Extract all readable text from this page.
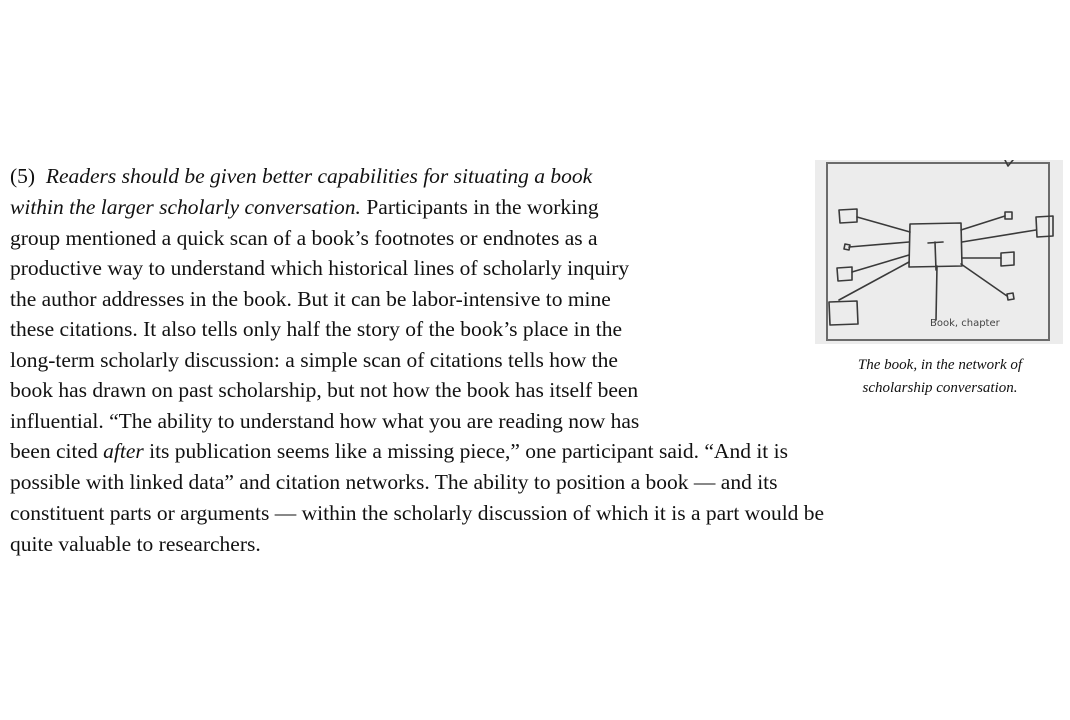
(5) Readers should be given better capabilities for situating a book
within the larger scholarly conversation. Participants in the working
group mentioned a quick scan of a book’s footnotes or endnotes as a
productive way to understand which historical lines of scholarly inquiry
the author addresses in the book. But it can be labor-intensive to mine
these citations. It also tells only half the story of the book’s place in the
long-term scholarly discussion: a simple scan of citations tells how the
book has drawn on past scholarship, but not how the book has itself been
influential. “The ability to understand how what you are reading now has
been cited after its publication seems like a missing piece,” one participant said. “And it is
possible with linked data” and citation networks. The ability to position a book — and its
constituent parts or arguments — within the scholarly discussion of which it is a part would be
quite valuable to researchers.
Book, chapter
The book, in the network of
scholarship conversation.
